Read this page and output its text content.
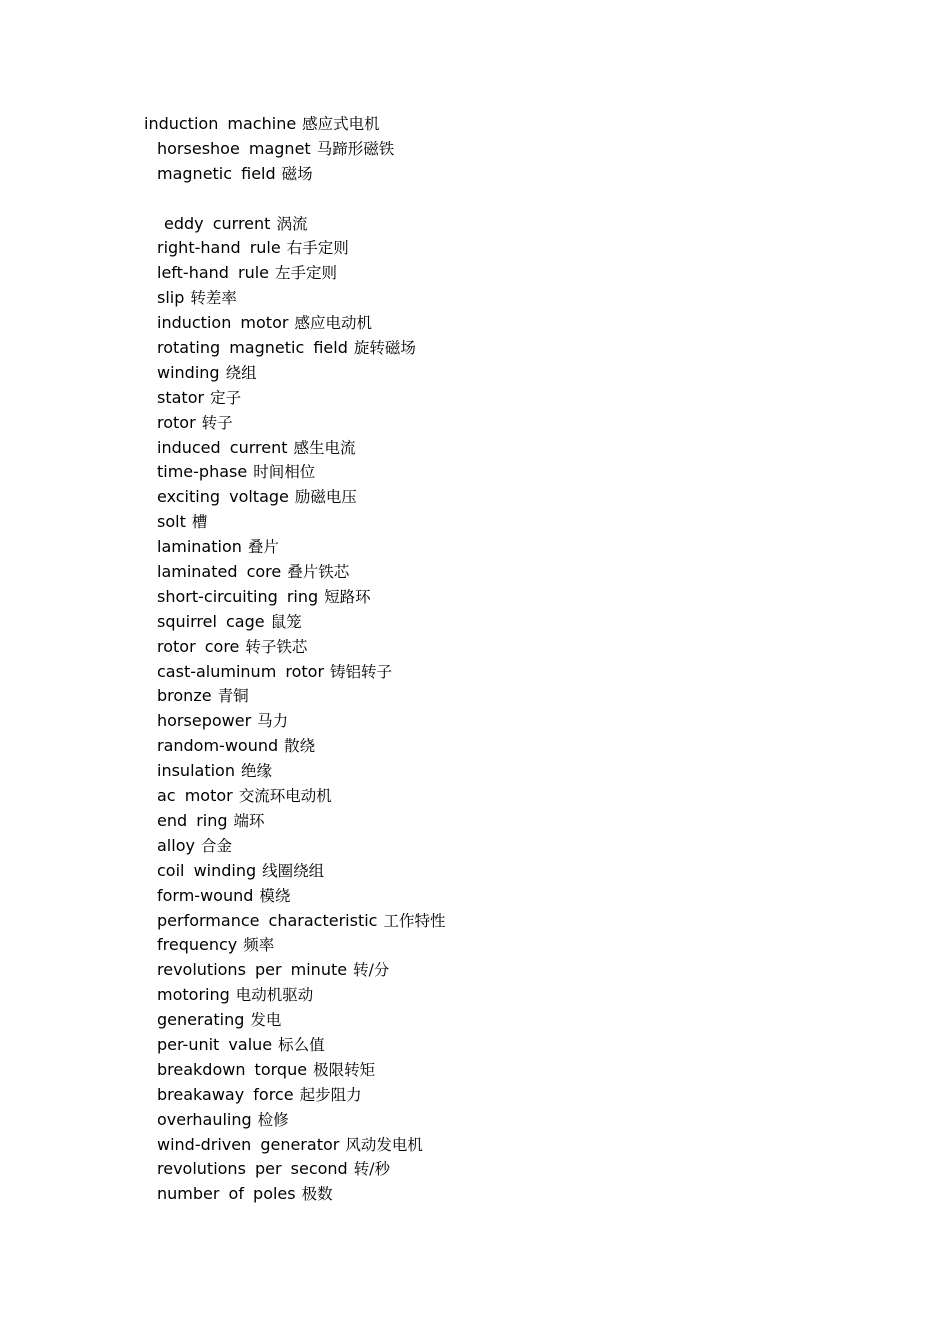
induction machine 感应式电机
horseshoe magnet 马蹄形磁铁
magnetic field 磁场
eddy current 涡流
right-hand rule 右手定则
left-hand rule 左手定则
slip 转差率
induction motor 感应电动机
rotating magnetic field 旋转磁场
winding 绕组
stator 定子
rotor 转子
induced current 感生电流
time-phase 时间相位
exciting voltage 励磁电压
solt 槽
lamination 叠片
laminated core 叠片铁芯
short-circuiting ring 短路环
squirrel cage 鼠笼
rotor core 转子铁芯
cast-aluminum rotor 铸铝转子
bronze 青铜
horsepower 马力
random-wound 散绕
insulation 绝缘
ac motor 交流环电动机
end ring 端环
alloy 合金
coil winding 线圈绕组
form-wound 模绕
performance characteristic 工作特性
frequency 频率
revolutions per minute 转/分
motoring 电动机驱动
generating 发电
per-unit value 标么值
breakdown torque 极限转矩
breakaway force 起步阻力
overhauling 检修
wind-driven generator 风动发电机
revolutions per second 转/秒
number of poles 极数
